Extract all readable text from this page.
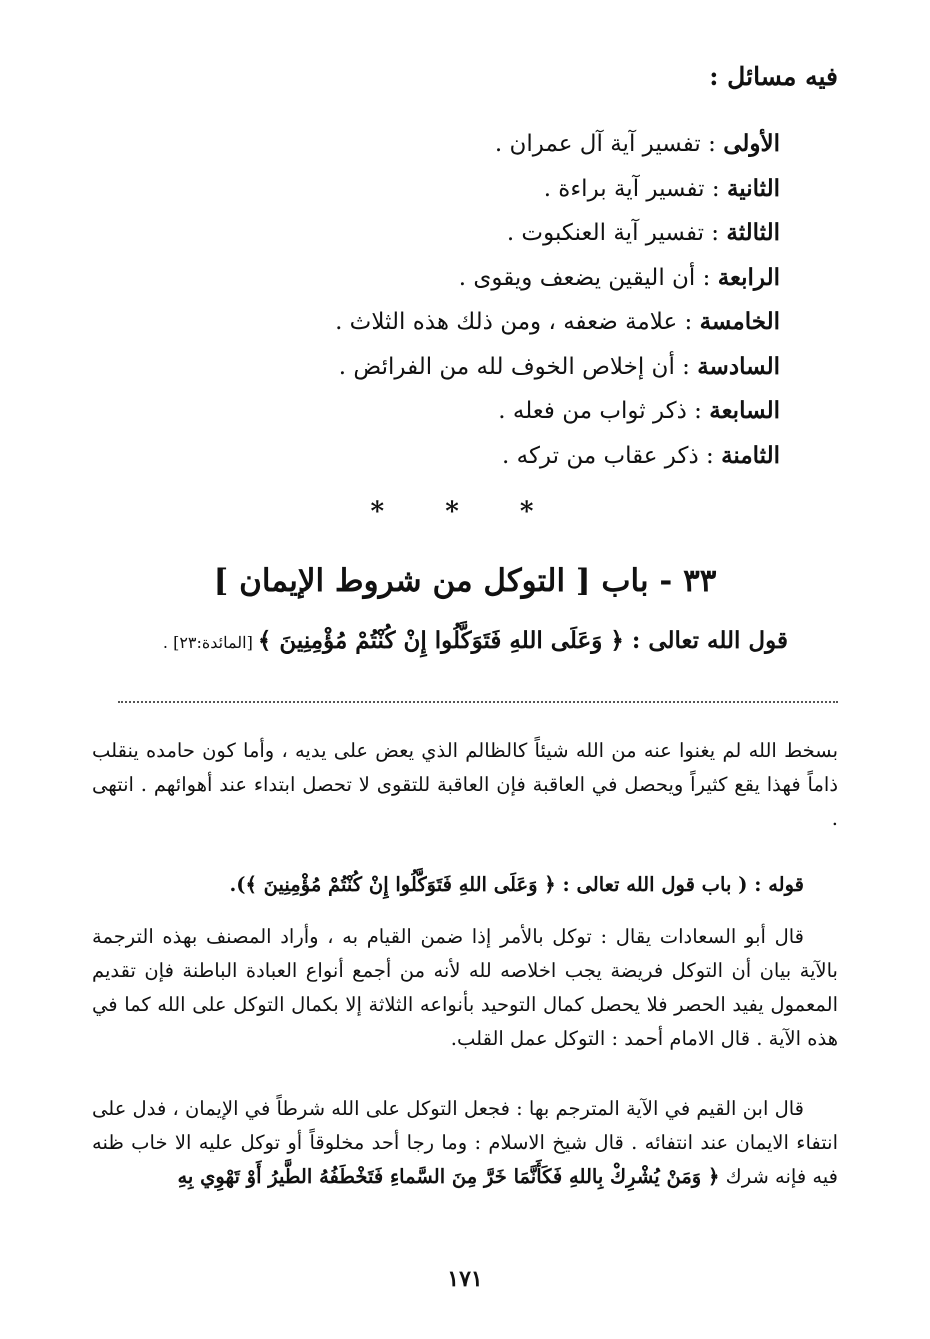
فيه مسائل :
الأولى : تفسير آية آل عمران .
الثانية : تفسير آية براءة .
الثالثة : تفسير آية العنكبوت .
الرابعة : أن اليقين يضعف ويقوى .
الخامسة : علامة ضعفه ، ومن ذلك هذه الثلاث .
السادسة : أن إخلاص الخوف لله من الفرائض .
السابعة : ذكر ثواب من فعله .
الثامنة : ذكر عقاب من تركه .
* * *
٣٣ - باب [ التوكل من شروط الإيمان ]
قول الله تعالى : ﴿ وَعَلَى اللهِ فَتَوَكَّلُوا إِنْ كُنْتُمْ مُؤْمِنِينَ ﴾ [المائدة:٢٣] .
بسخط الله لم يغنوا عنه من الله شيئاً كالظالم الذي يعض على يديه ، وأما كون حامده ينقلب ذاماً فهذا يقع كثيراً ويحصل في العاقبة فإن العاقبة للتقوى لا تحصل ابتداء عند أهوائهم . انتهى .
قوله : ( باب قول الله تعالى : ﴿ وَعَلَى اللهِ فَتَوَكَّلُوا إِنْ كُنْتُمْ مُؤْمِنِينَ ﴾).
قال أبو السعادات يقال : توكل بالأمر إذا ضمن القيام به ، وأراد المصنف بهذه الترجمة بالآية بيان أن التوكل فريضة يجب اخلاصه لله لأنه من أجمع أنواع العبادة الباطنة فإن تقديم المعمول يفيد الحصر فلا يحصل كمال التوحيد بأنواعه الثلاثة إلا بكمال التوكل على الله كما في هذه الآية . قال الامام أحمد : التوكل عمل القلب.
قال ابن القيم في الآية المترجم بها : فجعل التوكل على الله شرطاً في الإيمان ، فدل على انتفاء الايمان عند انتفائه . قال شيخ الاسلام : وما رجا أحد مخلوقاً أو توكل عليه الا خاب ظنه فيه فإنه شرك ﴿ وَمَنْ يُشْرِكْ بِاللهِ فَكَأَنَّمَا خَرَّ مِنَ السَّماءِ فَتَخْطَفُهُ الطَّيرُ أَوْ تَهْوِي بِهِ
١٧١
